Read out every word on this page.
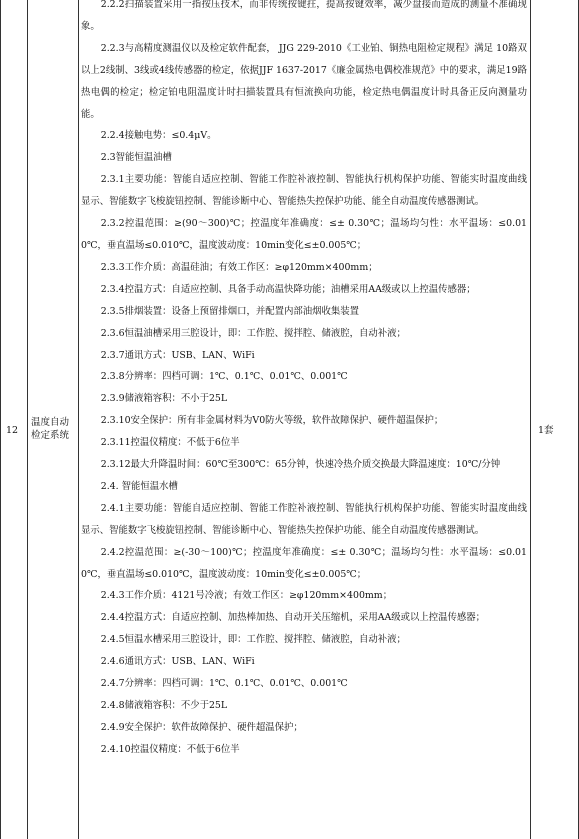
12
温度自动检定系统	1套

2.2.2扫描装置采用一指按压技术，而非传统按键拄，提高按键效率，减少盘接而造成的测量不准确现象。

2.2.3与高精度测温仪以及检定软件配套， JJG 229-2010《工业铂、铜热电阻检定规程》满足 10路双以上2线制、3线或4线传感器的检定，依据JJF 1637-2017《廉金属热电偶校准规范》中的要求，满足19路热电偶的检定；检定铂电阻温度计时扫描装置具有恒流换向功能，检定热电偶温度计时具备正反向测量功能。

2.2.4接触电势：≤0.4μV。

2.3智能恒温油槽

2.3.1主要功能：智能自适应控制、智能工作腔补液控制、智能执行机构保护功能、智能实时温度曲线显示、智能数字飞梭旋钮控制、智能诊断中心、智能热失控保护功能、能全自动温度传感器测试。

2.3.2控温范围：≥(90～300)℃；控温度年准确度：≤± 0.30℃；温场均匀性：水平温场：≤0.010℃，垂直温场≤0.010℃，温度波动度：10min变化≤±0.005℃；

2.3.3工作介质：高温硅油；有效工作区：≥φ120mm×400mm；

2.3.4控温方式：自适应控制、具备手动高温快降功能；油槽采用AA级或以上控温传感器；

2.3.5排烟装置：设备上预留排烟口，并配置内部油烟收集装置

2.3.6恒温油槽采用三腔设计，即：工作腔、搅拌腔、储液腔，自动补液；

2.3.7通讯方式：USB、LAN、WiFi

2.3.8分辨率：四档可调：1℃、0.1℃、0.01℃、0.001℃

2.3.9储液箱容积：不小于25L

2.3.10安全保护：所有非金属材料为V0防火等级，软件故障保护、硬件超温保护；

2.3.11控温仪精度：不低于6位半

2.3.12最大升降温时间：60℃至300℃：65分钟，快速冷热介质交换最大降温速度：10℃/分钟

2.4. 智能恒温水槽

2.4.1主要功能：智能自适应控制、智能工作腔补液控制、智能执行机构保护功能、智能实时温度曲线显示、智能数字飞梭旋钮控制、智能诊断中心、智能热失控保护功能、能全自动温度传感器测试。

2.4.2控温范围：≥(-30～100)℃；控温度年准确度：≤± 0.30℃；温场均匀性：水平温场：≤0.010℃，垂直温场≤0.010℃，温度波动度：10min变化≤±0.005℃；

2.4.3工作介质：4121号冷液；有效工作区：≥φ120mm×400mm；

2.4.4控温方式：自适应控制、加热棒加热、自动开关压缩机，采用AA级或以上控温传感器；

2.4.5恒温水槽采用三腔设计，即：工作腔、搅拌腔、储液腔，自动补液；

2.4.6通讯方式：USB、LAN、WiFi

2.4.7分辨率：四档可调：1℃、0.1℃、0.01℃、0.001℃

2.4.8储液箱容积：不少于25L

2.4.9安全保护：软件故障保护、硬件超温保护；

2.4.10控温仪精度：不低于6位半
